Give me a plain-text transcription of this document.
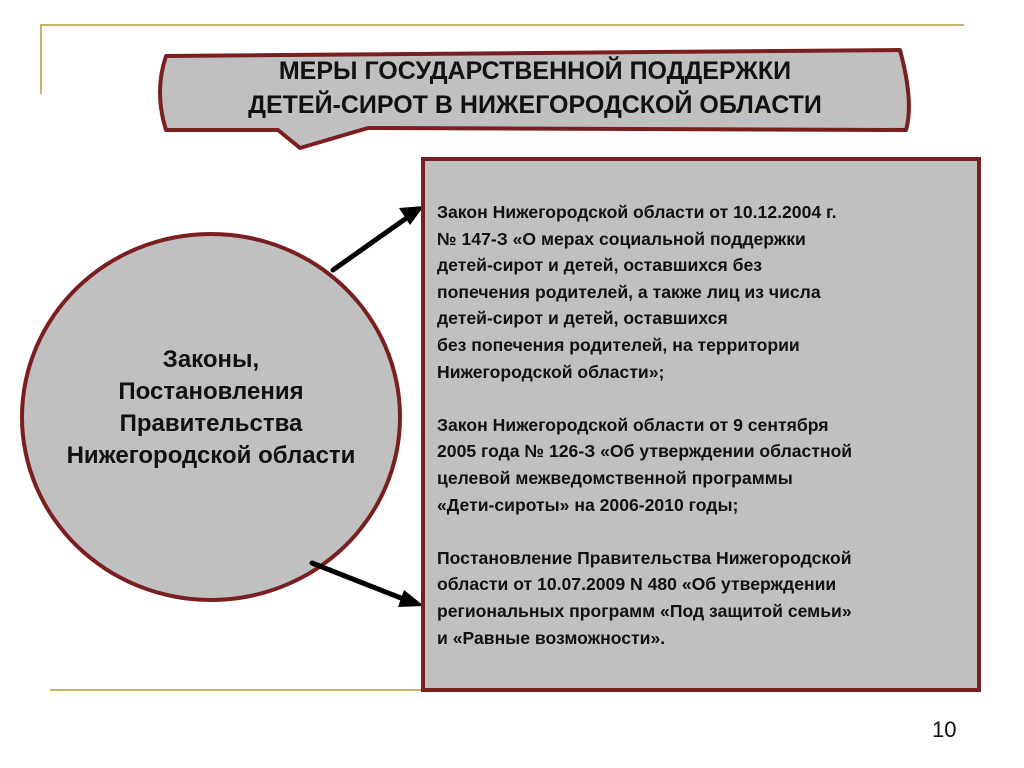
МЕРЫ ГОСУДАРСТВЕННОЙ ПОДДЕРЖКИ
ДЕТЕЙ-СИРОТ В НИЖЕГОРОДСКОЙ ОБЛАСТИ
Законы,
Постановления
Правительства
Нижегородской области
Закон Нижегородской области от 10.12.2004 г.
№ 147-З «О мерах социальной поддержки
детей-сирот и детей, оставшихся без
попечения родителей, а также лиц из числа
детей-сирот и детей, оставшихся
без попечения родителей, на территории
Нижегородской области»;
Закон Нижегородской области от 9 сентября
2005 года № 126-З «Об утверждении областной
целевой межведомственной программы
«Дети-сироты» на 2006-2010 годы;
Постановление Правительства Нижегородской
области от 10.07.2009 N 480 «Об утверждении
региональных программ «Под защитой семьи»
и «Равные возможности».
10
